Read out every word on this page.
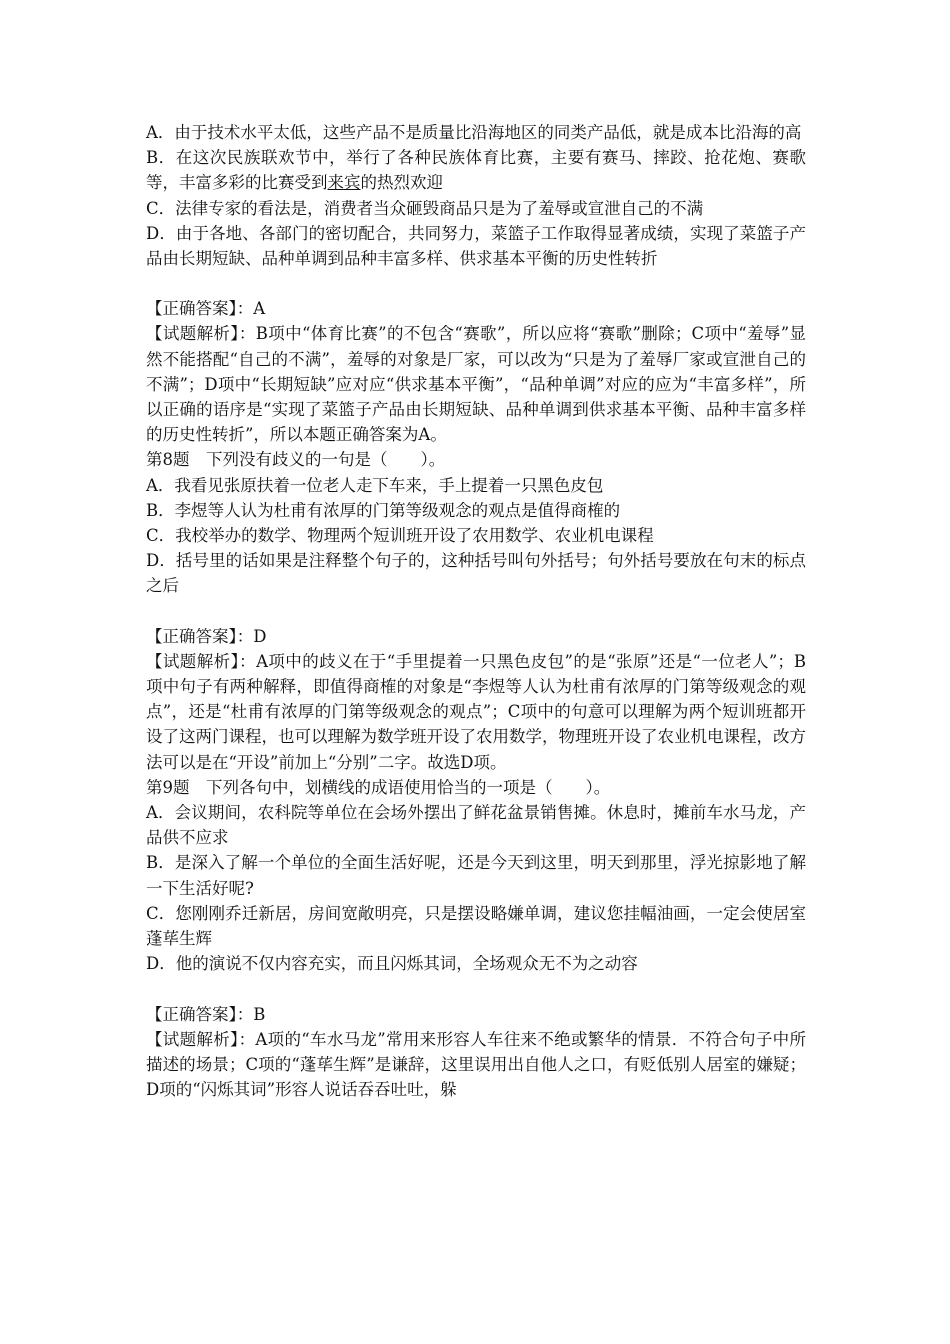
A．由于技术水平太低，这些产品不是质量比沿海地区的同类产品低，就是成本比沿海的高

B．在这次民族联欢节中，举行了各种民族体育比赛，主要有赛马、摔跤、抢花炮、赛歌等，丰富多彩的比赛受到来宾的热烈欢迎

C．法律专家的看法是，消费者当众砸毁商品只是为了羞辱或宣泄自己的不满

D．由于各地、各部门的密切配合，共同努力，菜篮子工作取得显著成绩，实现了菜篮子产品由长期短缺、品种单调到品种丰富多样、供求基本平衡的历史性转折

【正确答案】：A

【试题解析】：B项中“体育比赛”的不包含“赛歌”，所以应将“赛歌”删除；C项中“羞辱”显然不能搭配“自己的不满”，羞辱的对象是厂家，可以改为“只是为了羞辱厂家或宣泄自己的不满”；D项中“长期短缺”应对应“供求基本平衡”，“品种单调”对应的应为“丰富多样”，所以正确的语序是“实现了菜篮子产品由长期短缺、品种单调到供求基本平衡、品种丰富多样的历史性转折”，所以本题正确答案为A。

第8题　下列没有歧义的一句是（　　）。

A．我看见张原扶着一位老人走下车来，手上提着一只黑色皮包

B．李煜等人认为杜甫有浓厚的门第等级观念的观点是值得商榷的

C．我校举办的数学、物理两个短训班开设了农用数学、农业机电课程

D．括号里的话如果是注释整个句子的，这种括号叫句外括号；句外括号要放在句末的标点之后

【正确答案】：D

【试题解析】：A项中的歧义在于“手里提着一只黑色皮包”的是“张原”还是“一位老人”；B项中句子有两种解释，即值得商榷的对象是“李煜等人认为杜甫有浓厚的门第等级观念的观点”，还是“杜甫有浓厚的门第等级观念的观点”；C项中的句意可以理解为两个短训班都开设了这两门课程，也可以理解为数学班开设了农用数学，物理班开设了农业机电课程，改方法可以是在“开设”前加上“分别”二字。故选D项。

第9题　下列各句中，划横线的成语使用恰当的一项是（　　）。

A．会议期间，农科院等单位在会场外摆出了鲜花盆景销售摊。休息时，摊前车水马龙，产品供不应求

B．是深入了解一个单位的全面生活好呢，还是今天到这里，明天到那里，浮光掠影地了解一下生活好呢?

C．您刚刚乔迁新居，房间宽敞明亮，只是摆设略嫌单调，建议您挂幅油画，一定会使居室蓬荜生辉

D．他的演说不仅内容充实，而且闪烁其词，全场观众无不为之动容

【正确答案】：B

【试题解析】：A项的“车水马龙”常用来形容人车往来不绝或繁华的情景．不符合句子中所描述的场景；C项的“蓬荜生辉”是谦辞，这里误用出自他人之口，有贬低别人居室的嫌疑；D项的“闪烁其词”形容人说话吞吞吐吐，躲
